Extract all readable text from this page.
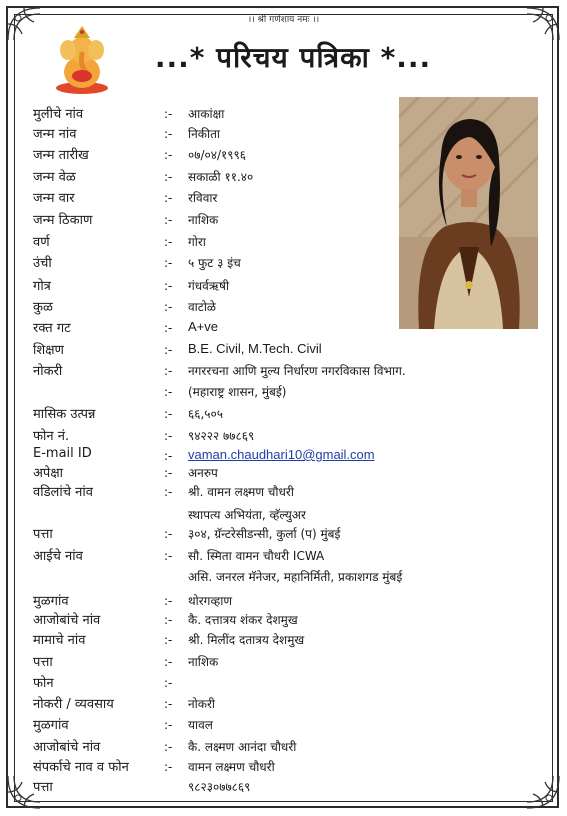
।। श्री गणेशाय नमः ।।
...* परिचय पत्रिका *...
मुलीचे नांव	:- आकांक्षा
जन्म नांव	:- निकीता
जन्म तारीख	:- ०७/०४/१९९६
जन्म वेळ	:- सकाळी ११.४०
जन्म वार	:- रविवार
जन्म ठिकाण	:- नाशिक
वर्ण	:- गोरा
उंची	:- ५ फुट ३ इंच
गोत्र	:- गंधर्वऋषी
कुळ	:- वाटोळे
रक्त गट	:- A+ve
शिक्षण	:- B.E. Civil, M.Tech. Civil
नोकरी	:- नगररचना आणि मुल्य निर्धारण नगरविकास विभाग.
:- (महाराष्ट्र शासन, मुंबई)
मासिक उत्पन्न	:- ६६,५०५
फोन नं.	:- ९४२२२ ७७८६९
E-mail ID	:- vaman.chaudhari10@gmail.com
अपेक्षा	:- अनरुप
वडिलांचे नांव	:- श्री. वामन लक्ष्मण चौधरी
स्थापत्य अभियंता, व्हॅल्युअर
पत्ता	:- ३०४, ग्रॅन्टरेसीडन्सी, कुर्ला (प) मुंबई
आईचे नांव	:- सौ. स्मिता वामन चौधरी ICWA
असि. जनरल मॅनेजर, महानिर्मिती, प्रकाशगड मुंबई
मुळगांव	:- थोरगव्हाण
आजोबांचे नांव	:- कै. दत्तात्रय शंकर देशमुख
मामाचे नांव	:- श्री. मिलींद दतात्रय देशमुख
पत्ता	:- नाशिक
फोन	:-
नोकरी / व्यवसाय	:- नोकरी
मुळगांव	:- यावल
आजोबांचे नांव	:- कै. लक्ष्मण आनंदा चौधरी
संपर्काचे नाव व फोन	:- वामन लक्ष्मण चौधरी
पत्ता	९८२३०७७८६९
